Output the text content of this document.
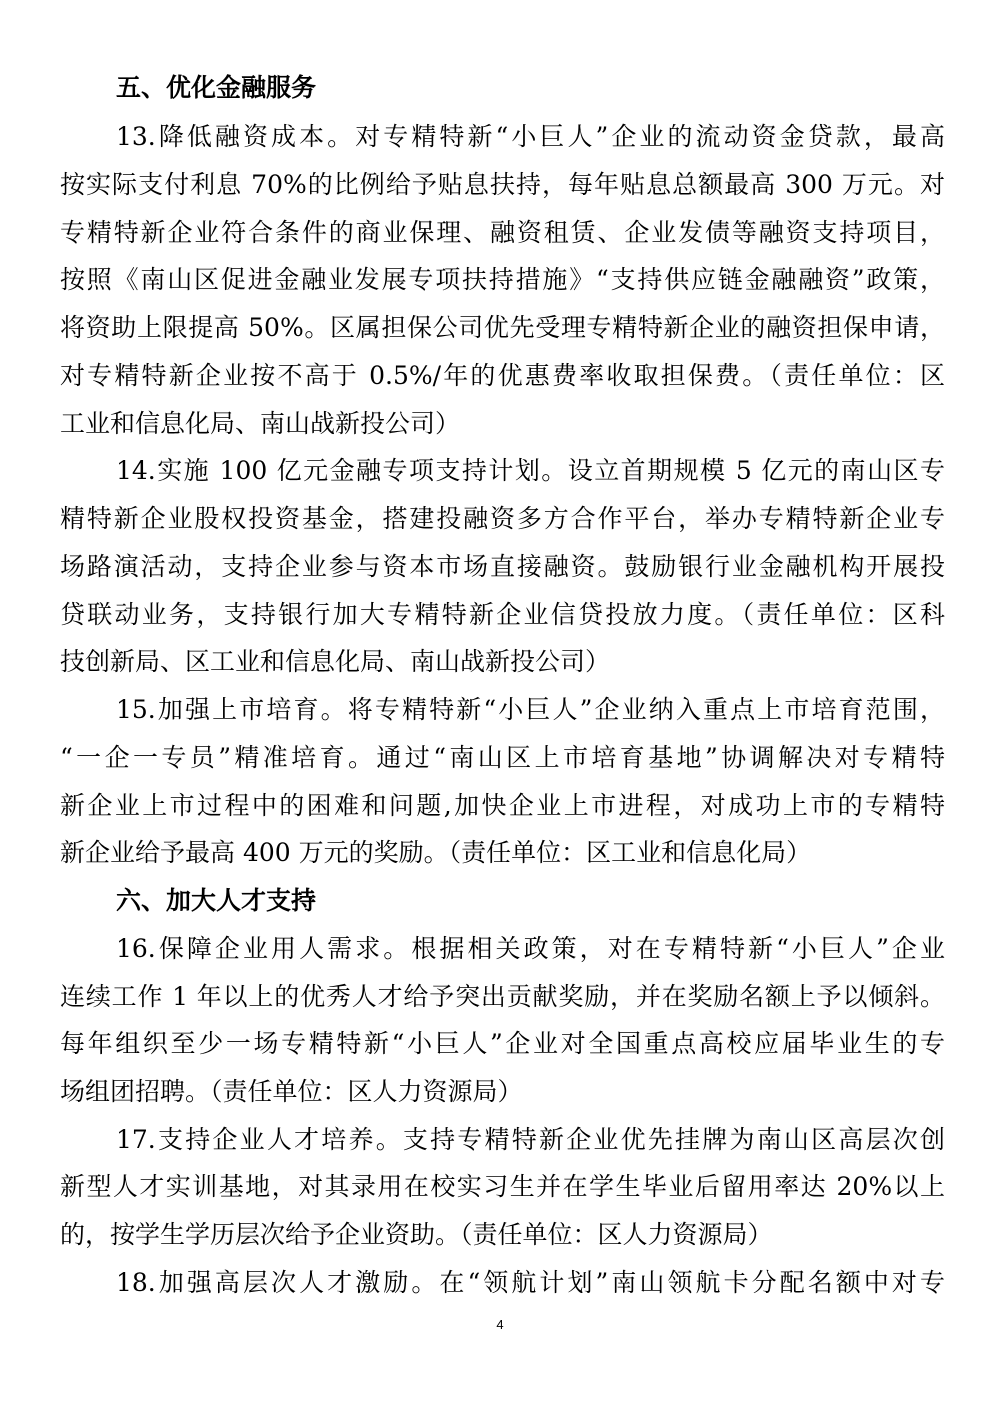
五、优化金融服务
13.降低融资成本。对专精特新“小巨人”企业的流动资金贷款，最高
按实际支付利息 70%的比例给予贴息扶持，每年贴息总额最高 300 万元。对
专精特新企业符合条件的商业保理、融资租赁、企业发债等融资支持项目，
按照《南山区促进金融业发展专项扶持措施》“支持供应链金融融资”政策，
将资助上限提高 50%。区属担保公司优先受理专精特新企业的融资担保申请，
对专精特新企业按不高于 0.5%/年的优惠费率收取担保费。（责任单位：区
工业和信息化局、南山战新投公司）
14.实施 100 亿元金融专项支持计划。设立首期规模 5 亿元的南山区专
精特新企业股权投资基金，搭建投融资多方合作平台，举办专精特新企业专
场路演活动，支持企业参与资本市场直接融资。鼓励银行业金融机构开展投
贷联动业务，支持银行加大专精特新企业信贷投放力度。（责任单位：区科
技创新局、区工业和信息化局、南山战新投公司）
15.加强上市培育。将专精特新“小巨人”企业纳入重点上市培育范围，
“一企一专员”精准培育。通过“南山区上市培育基地”协调解决对专精特
新企业上市过程中的困难和问题,加快企业上市进程，对成功上市的专精特
新企业给予最高 400 万元的奖励。（责任单位：区工业和信息化局）
六、加大人才支持
16.保障企业用人需求。根据相关政策，对在专精特新“小巨人”企业
连续工作 1 年以上的优秀人才给予突出贡献奖励，并在奖励名额上予以倾斜。
每年组织至少一场专精特新“小巨人”企业对全国重点高校应届毕业生的专
场组团招聘。（责任单位：区人力资源局）
17.支持企业人才培养。支持专精特新企业优先挂牌为南山区高层次创
新型人才实训基地，对其录用在校实习生并在学生毕业后留用率达 20%以上
的，按学生学历层次给予企业资助。（责任单位：区人力资源局）
18.加强高层次人才激励。在“领航计划”南山领航卡分配名额中对专
4
